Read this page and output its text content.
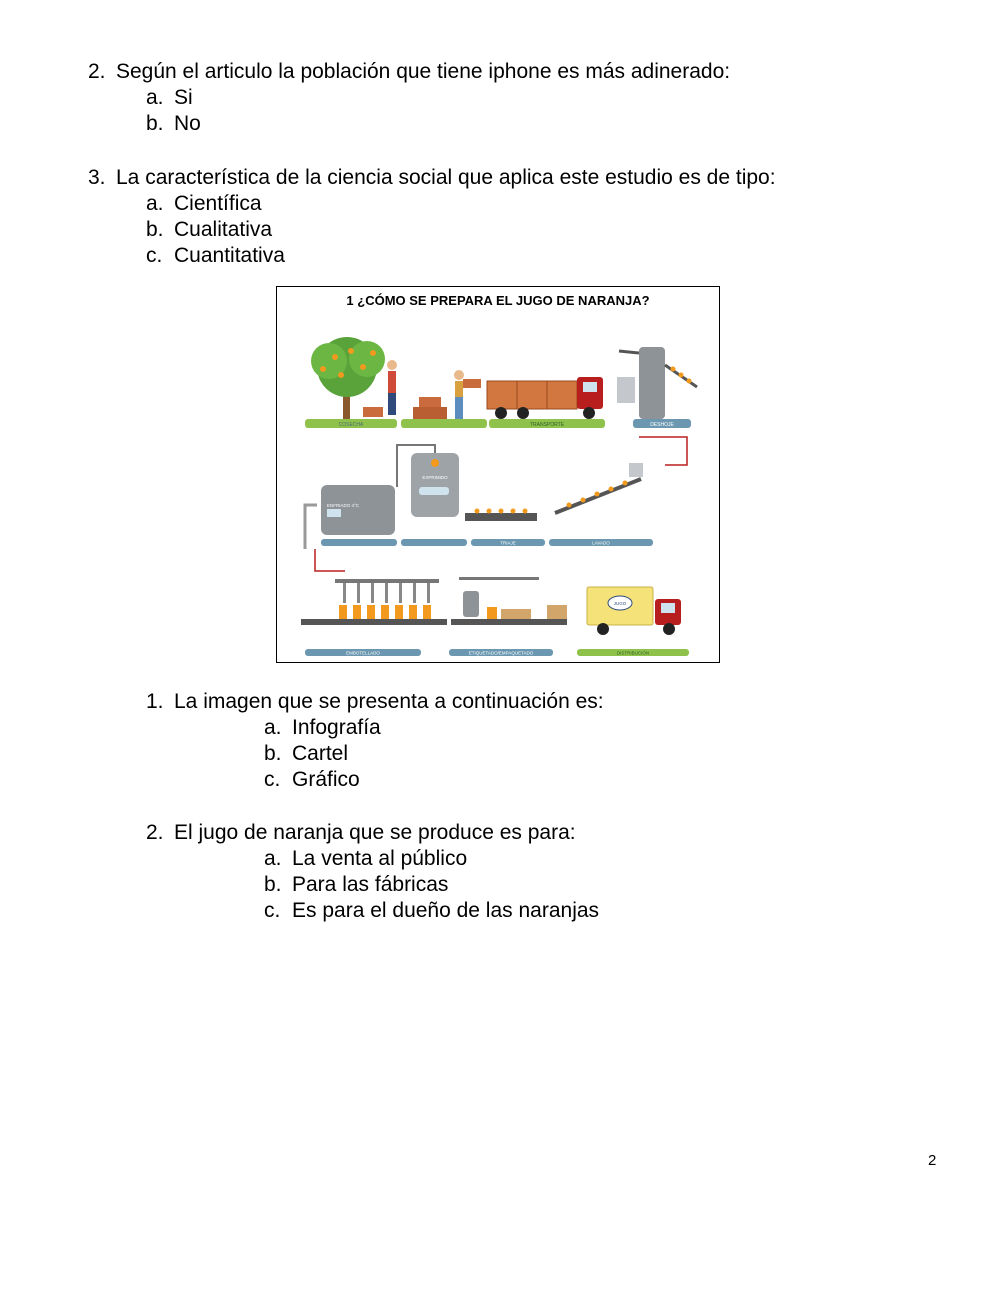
2. Según el articulo la población que tiene iphone es más adinerado:
a. Si
b. No
3. La característica de la ciencia social que aplica este estudio es de tipo:
a. Científica
b. Cualitativa
c. Cuantitativa
1 ¿CÓMO SE PREPARA EL JUGO DE NARANJA?
COSECHA	TRANSPORTE	DESHOJE
ENFRIADO 4°C
EXPRIMIDO
TRIAJE	LAVADO
JUGO
EMBOTELLADO	ETIQUETADO/EMPAQUETADO	DISTRIBUCIÓN
1. La imagen que se presenta a continuación es:
a. Infografía
b. Cartel
c. Gráfico
2. El jugo de naranja que se produce es para:
a. La venta al público
b. Para las fábricas
c. Es para el dueño de las naranjas
2
